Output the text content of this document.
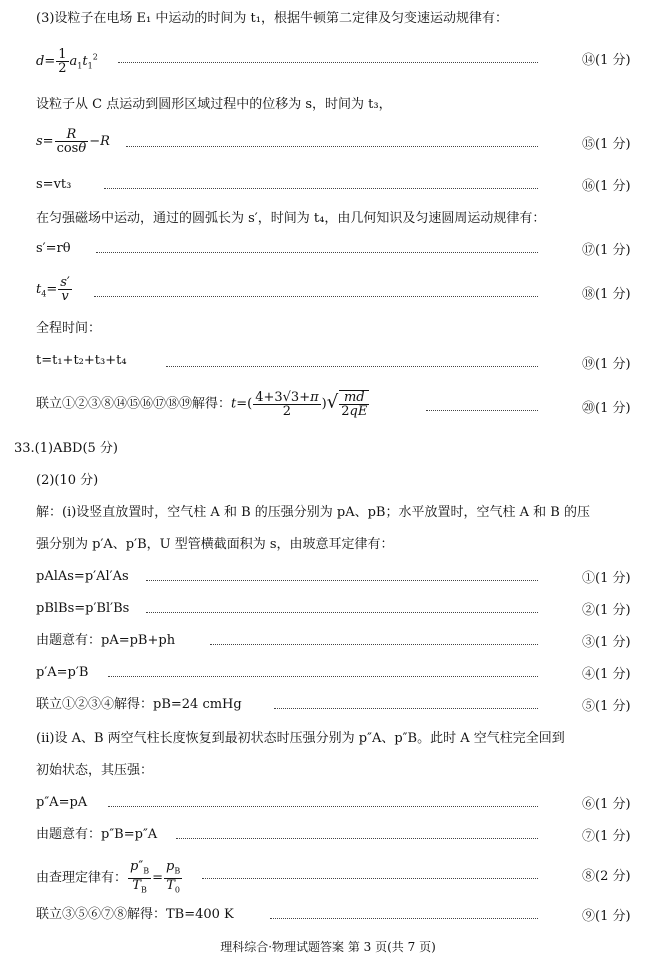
(3)设粒子在电场 E₁ 中运动的时间为 t₁，根据牛顿第二定律及匀变速运动规律有：
$d= \frac{1}{2} a_1t_1^2$	⑭(1 分)
设粒子从 C 点运动到圆形区域过程中的位移为 s，时间为 t₃，
$s= \frac{R}{\cos\theta} -R$	⑮(1 分)
s=vt₃	⑯(1 分)
在匀强磁场中运动，通过的圆弧长为 s′，时间为 t₄，由几何知识及匀速圆周运动规律有：
s′=rθ	⑰(1 分)
$t_4= \frac{s'}{v}$	⑱(1 分)
全程时间：
t=t₁+t₂+t₃+t₄	⑲(1 分)
联立①②③⑧⑭⑮⑯⑰⑱⑲解得：$t=( \frac{4+3√3+\pi}{2}$ )√ $\frac{md}{2qE}$	⑳(1 分)
33.(1)ABD(5 分)
(2)(10 分)
解：(ⅰ)设竖直放置时，空气柱 A 和 B 的压强分别为 pA、pB；水平放置时，空气柱 A 和 B 的压
强分别为 p′A、p′B，U 型管横截面积为 s，由玻意耳定律有：
pAlAs=p′Al′As	①(1 分)
pBlBs=p′Bl′Bs	②(1 分)
由题意有：pA=pB+ph	③(1 分)
p′A=p′B	④(1 分)
联立①②③④解得：pB=24 cmHg	⑤(1 分)
(ⅱ)设 A、B 两空气柱长度恢复到最初状态时压强分别为 p″A、p″B。此时 A 空气柱完全回到
初始状态，其压强：
p″A=pA	⑥(1 分)
由题意有：p″B=p″A	⑦(1 分)
由查理定律有： $\frac{p''_B}{T_B} = \frac{p_B}{T_0}$	⑧(2 分)
联立③⑤⑥⑦⑧解得：TB=400 K	⑨(1 分)
理科综合·物理试题答案 第 3 页(共 7 页)
